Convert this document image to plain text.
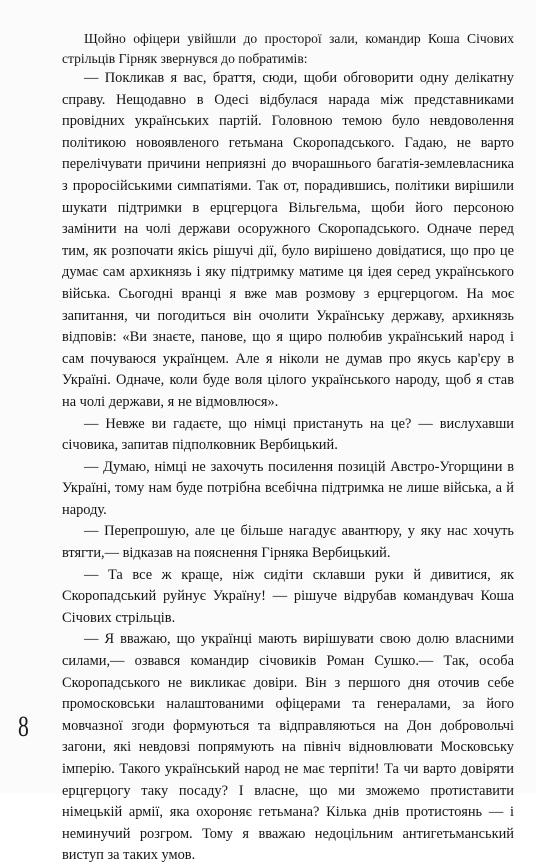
Щойно офіцери увійшли до просторої зали, командир Коша Січових стрільців Гірняк звернувся до побратимів:

— Покликав я вас, браття, сюди, щоби обговорити одну делікатну справу. Нещодавно в Одесі відбулася нарада між представниками провідних українських партій. Головною темою було невдоволення політикою новоявленого гетьмана Скоропадського. Гадаю, не варто перелічувати причини неприязні до вчорашнього багатія-землевласника з проросійськими симпатіями. Так от, порадившись, політики вирішили шукати підтримки в ерцгерцога Вільгельма, щоби його персоною замінити на чолі держави осоружного Скоропадського. Одначе перед тим, як розпочати якісь рішучі дії, було вирішено довідатися, що про це думає сам архикнязь і яку підтримку матиме ця ідея серед українського війська. Сьогодні вранці я вже мав розмову з ерцгерцогом. На моє запитання, чи погодиться він очолити Українську державу, архикнязь відповів: «Ви знаєте, панове, що я щиро полюбив український народ і сам почуваюся українцем. Але я ніколи не думав про якусь кар'єру в Україні. Одначе, коли буде воля цілого українського народу, щоб я став на чолі держави, я не відмовлюся».

— Невже ви гадаєте, що німці пристануть на це? — вислухавши січовика, запитав підполковник Вербицький.

— Думаю, німці не захочуть посилення позицій Австро-Угорщини в Україні, тому нам буде потрібна всебічна підтримка не лише війська, а й народу.

— Перепрошую, але це більше нагадує авантюру, у яку нас хочуть втягти,— відказав на пояснення Гірняка Вербицький.

— Та все ж краще, ніж сидіти склавши руки й дивитися, як Скоропадський руйнує Україну! — рішуче відрубав командувач Коша Січових стрільців.

— Я вважаю, що українці мають вирішувати свою долю власними силами,— озвався командир січовиків Роман Сушко.— Так, особа Скоропадського не викликає довіри. Він з першого дня оточив себе промосковськи налаштованими офіцерами та генералами, за його мовчазної згоди формуються та відправляються на Дон добровольчі загони, які невдовзі попрямують на північ відновлювати Московську імперію. Такого український народ не має терпіти! Та чи варто довіряти ерцгерцогу таку посаду? І власне, що ми зможемо протиставити німецькій армії, яка охороняє гетьмана? Кілька днів протистоянь — і неминучий розгром. Тому я вважаю недоцільним антигетьманський виступ за таких умов.

8
